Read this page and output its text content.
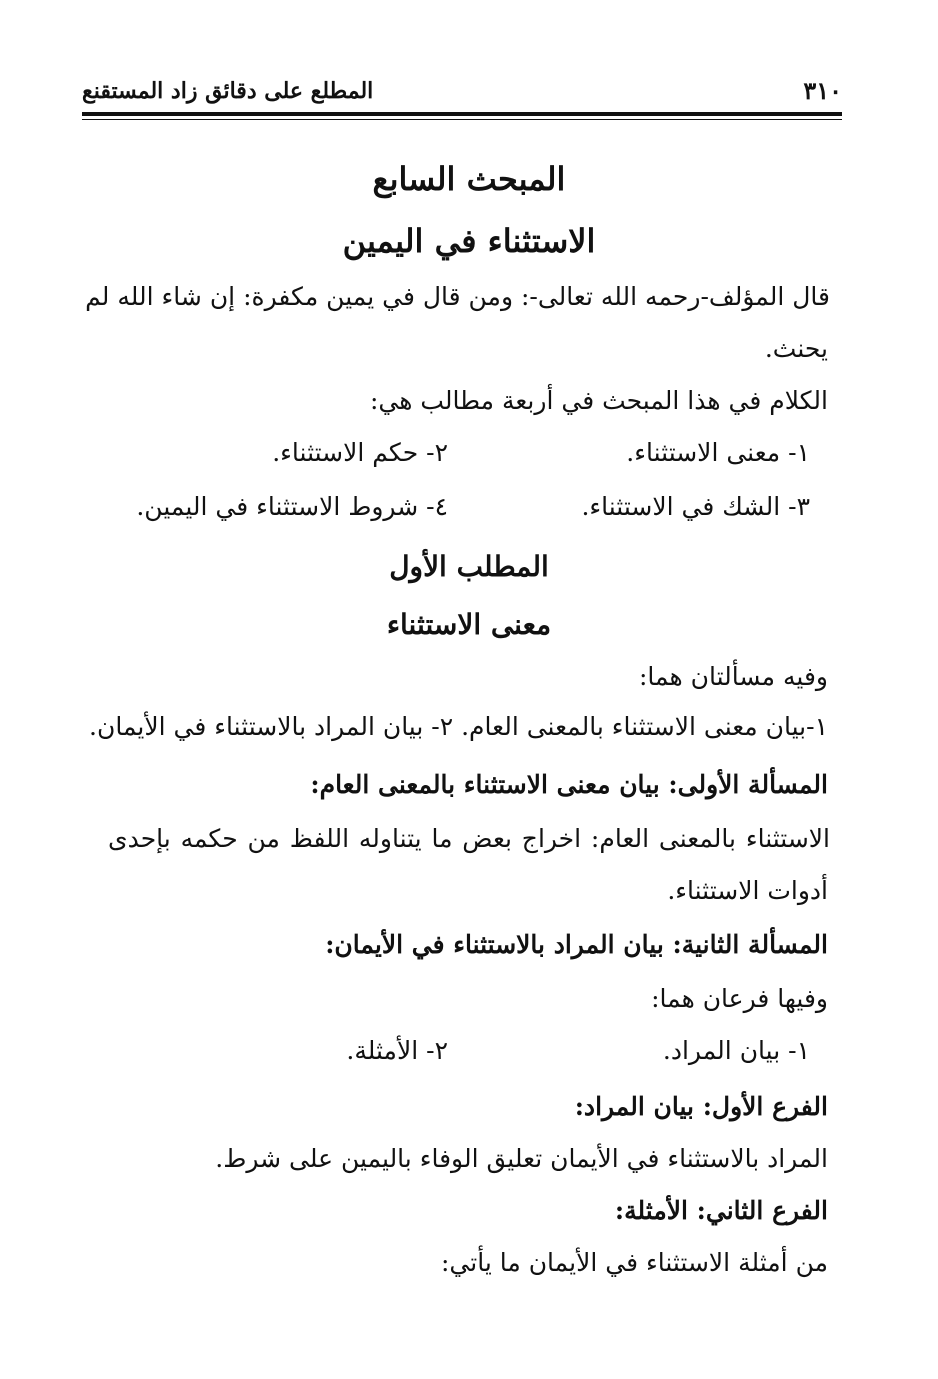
٣١٠
المطلع على دقائق زاد المستقنع
المبحث السابع
الاستثناء في اليمين
قال المؤلف-رحمه الله تعالى-: ومن قال في يمين مكفرة: إن شاء الله لم
يحنث.
الكلام في هذا المبحث في أربعة مطالب هي:
١- معنى الاستثناء.
٢- حكم الاستثناء.
٣- الشك في الاستثناء.
٤- شروط الاستثناء في اليمين.
المطلب الأول
معنى الاستثناء
وفيه مسألتان هما:
١-بيان معنى الاستثناء بالمعنى العام. ٢- بيان المراد بالاستثناء في الأيمان.
المسألة الأولى: بيان معنى الاستثناء بالمعنى العام:
الاستثناء بالمعنى العام: اخراج بعض ما يتناوله اللفظ من حكمه بإحدى
أدوات الاستثناء.
المسألة الثانية: بيان المراد بالاستثناء في الأيمان:
وفيها فرعان هما:
١- بيان المراد.
٢- الأمثلة.
الفرع الأول: بيان المراد:
المراد بالاستثناء في الأيمان تعليق الوفاء باليمين على شرط.
الفرع الثاني: الأمثلة:
من أمثلة الاستثناء في الأيمان ما يأتي:
